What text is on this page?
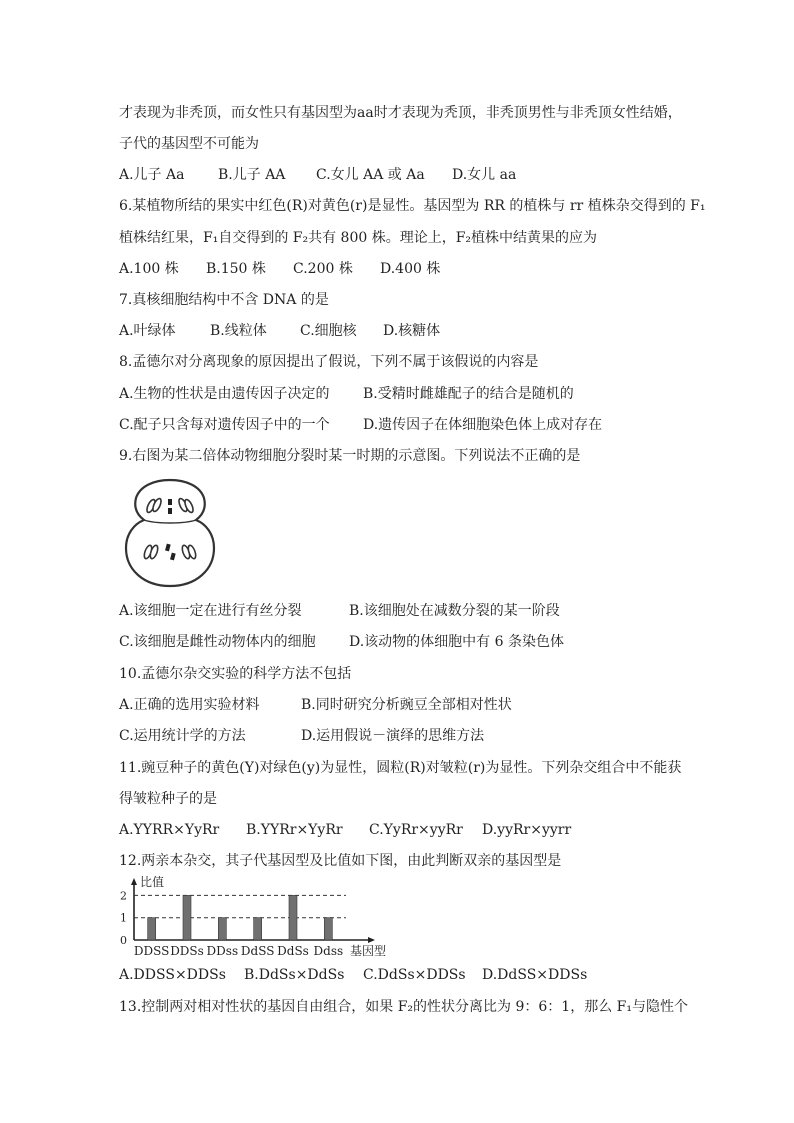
才表现为非秃顶，而女性只有基因型为aa时才表现为秃顶，非秃顶男性与非秃顶女性结婚，
子代的基因型不可能为
A.儿子 Aa B.儿子 AA C.女儿 AA 或 Aa D.女儿 aa
6.某植物所结的果实中红色(R)对黄色(r)是显性。基因型为 RR 的植株与 rr 植株杂交得到的 F₁
植株结红果，F₁自交得到的 F₂共有 800 株。理论上，F₂植株中结黄果的应为
A.100 株 B.150 株 C.200 株 D.400 株
7.真核细胞结构中不含 DNA 的是
A.叶绿体 B.线粒体 C.细胞核 D.核糖体
8.孟德尔对分离现象的原因提出了假说，下列不属于该假说的内容是
A.生物的性状是由遗传因子决定的 B.受精时雌雄配子的结合是随机的
C.配子只含每对遗传因子中的一个 D.遗传因子在体细胞染色体上成对存在
9.右图为某二倍体动物细胞分裂时某一时期的示意图。下列说法不正确的是
A.该细胞一定在进行有丝分裂	B.该细胞处在减数分裂的某一阶段
C.该细胞是雌性动物体内的细胞 D.该动物的体细胞中有 6 条染色体
10.孟德尔杂交实验的科学方法不包括
A.正确的选用实验材料	B.同时研究分析豌豆全部相对性状
C.运用统计学的方法	D.运用假说－演绎的思维方法
11.豌豆种子的黄色(Y)对绿色(y)为显性，圆粒(R)对皱粒(r)为显性。下列杂交组合中不能获
得皱粒种子的是
A.YYRR×YyRr B.YYRr×YyRr C.YyRr×yyRr D.yyRr×yyrr
12.两亲本杂交，其子代基因型及比值如下图，由此判断双亲的基因型是
0
1
2
比值
DDSS DDSs DDss DdSS DdSs Ddss 基因型
A.DDSS×DDSs B.DdSs×DdSs C.DdSs×DDSs D.DdSS×DDSs
13.控制两对相对性状的基因自由组合，如果 F₂的性状分离比为 9：6：1，那么 F₁与隐性个
